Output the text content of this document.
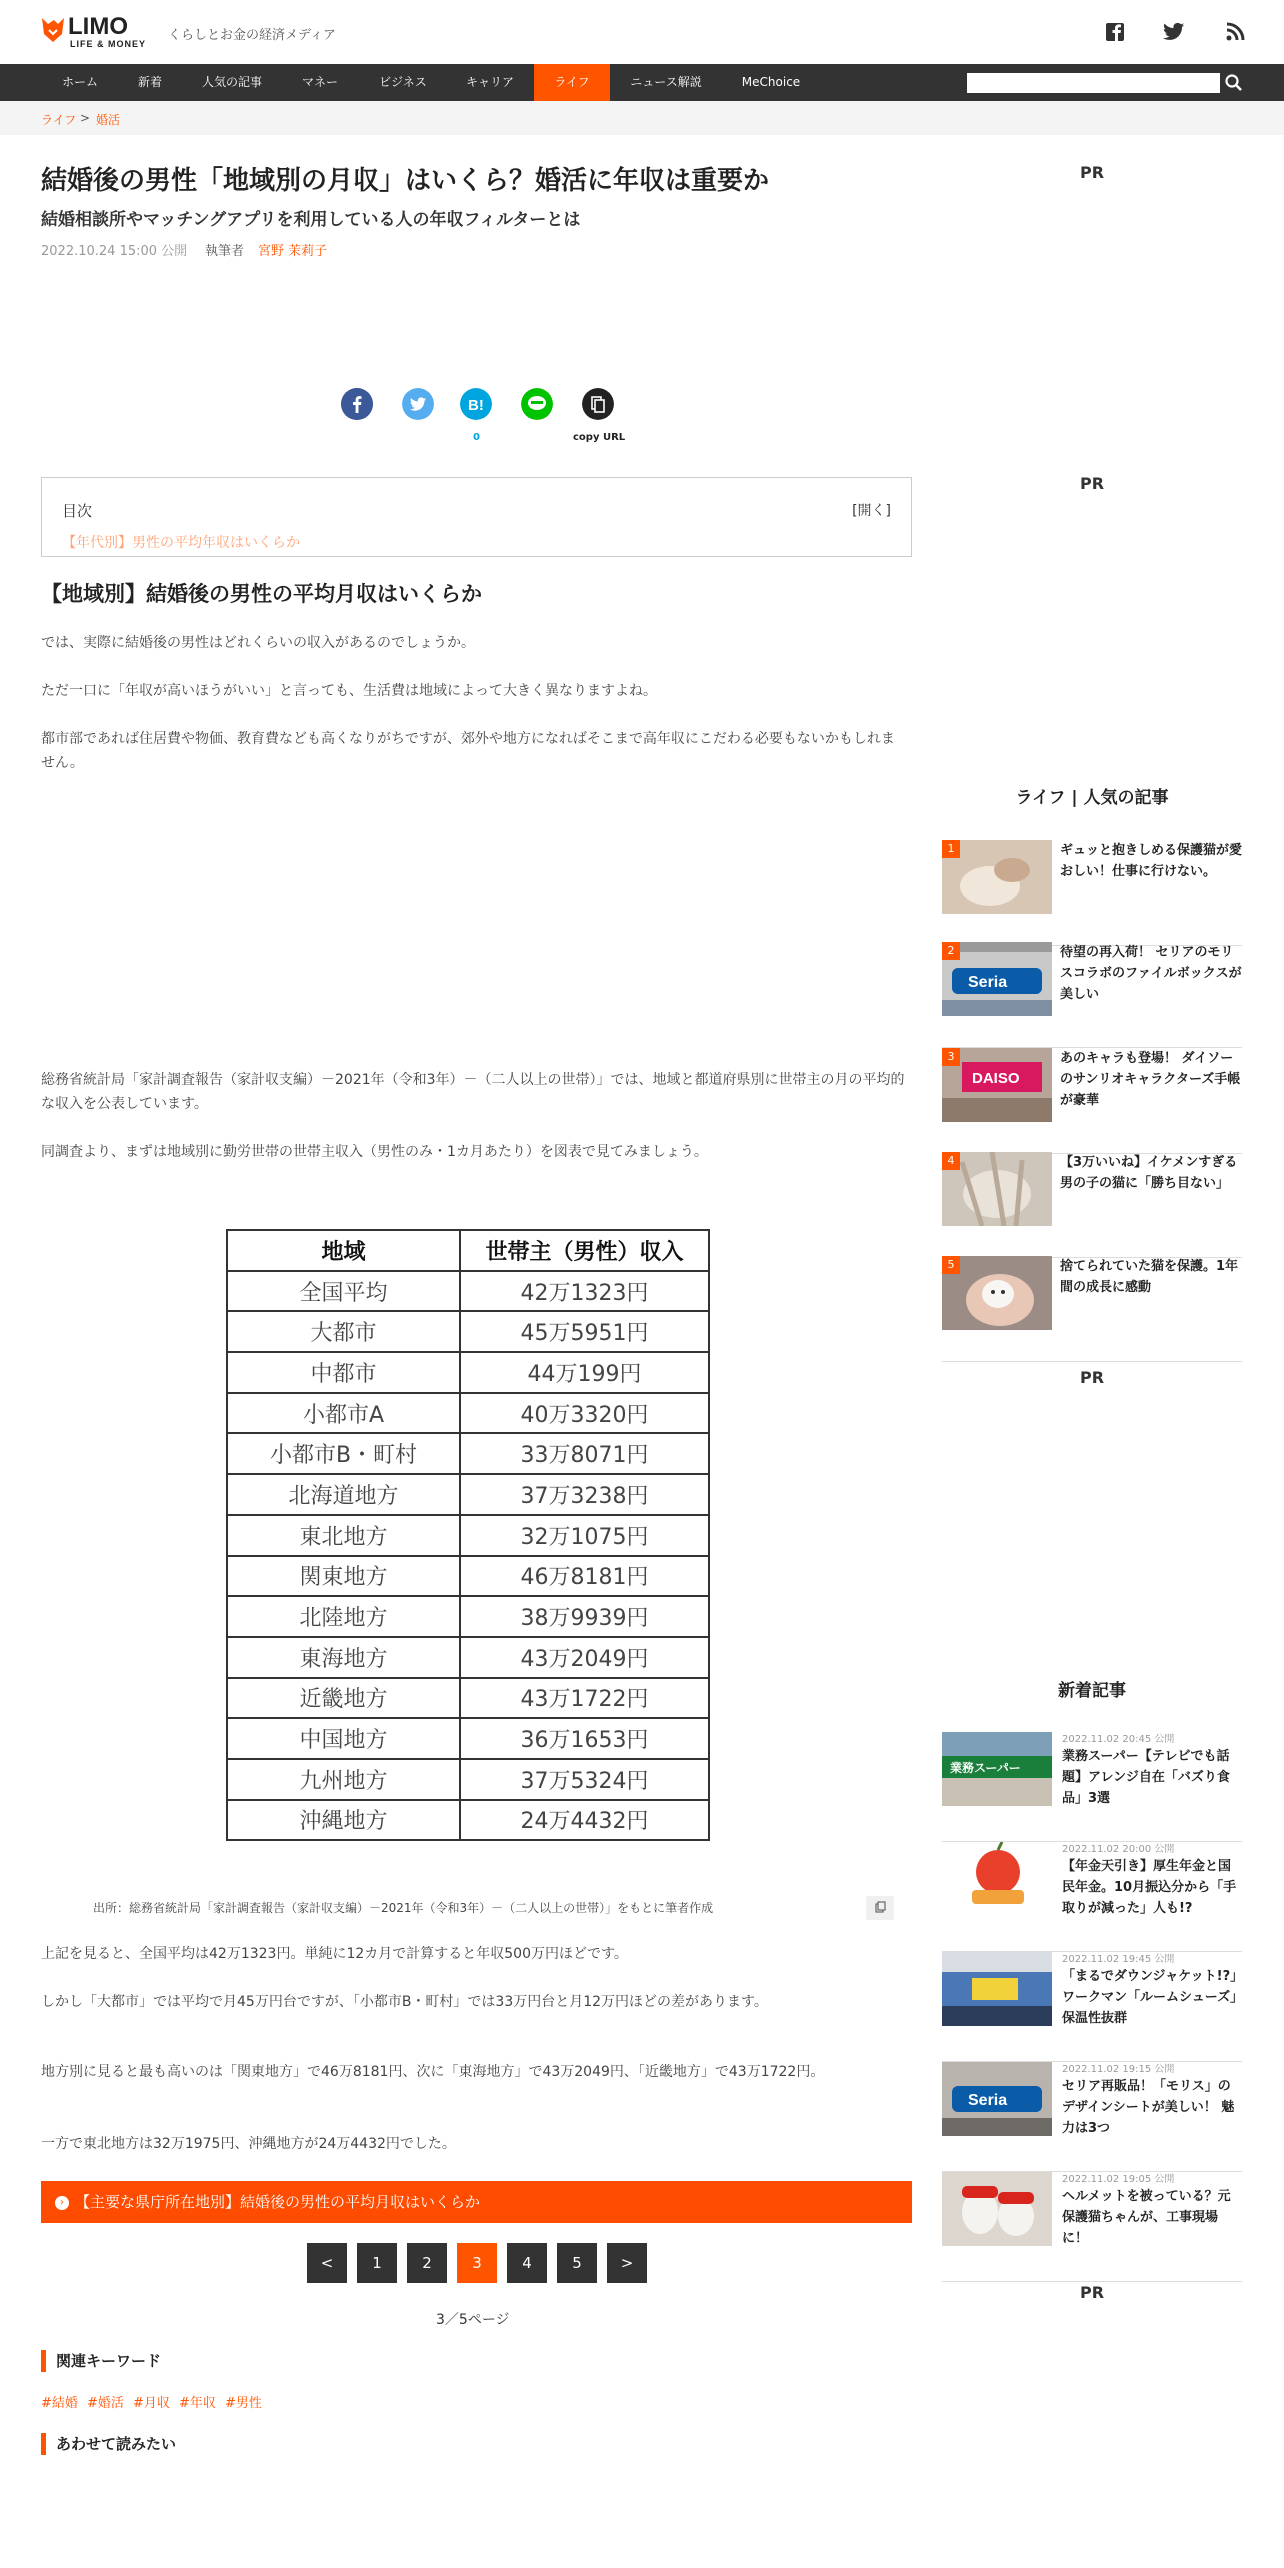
LIMO
LIFE & MONEY
くらしとお金の経済メディア
ホーム	新着	人気の記事	マネー	ビジネス	キャリア	ライフ	ニュース解説	MeChoice
ライフ > 婚活
結婚後の男性「地域別の月収」はいくら？婚活に年収は重要か
結婚相談所やマッチングアプリを利用している人の年収フィルターとは
2022.10.24 15:00 公開 執筆者 宮野 茉莉子
B!
0	copy URL
目次	[開く]
【年代別】男性の平均年収はいくらか
【地域別】結婚後の男性の平均月収はいくらか

では、実際に結婚後の男性はどれくらいの収入があるのでしょうか。

ただ一口に「年収が高いほうがいい」と言っても、生活費は地域によって大きく異なりますよね。

都市部であれば住居費や物価、教育費なども高くなりがちですが、郊外や地方になればそこまで高年収にこだわる必要もないかもしれません。

総務省統計局「家計調査報告（家計収支編）－2021年（令和3年）－（二人以上の世帯）」では、地域と都道府県別に世帯主の月の平均的な収入を公表しています。

同調査より、まずは地域別に勤労世帯の世帯主収入（男性のみ・1カ月あたり）を図表で見てみましょう。

地域	世帯主（男性）収入
全国平均	42万1323円
大都市	45万5951円
中都市	44万199円
小都市A	40万3320円
小都市B・町村	33万8071円
北海道地方	37万3238円
東北地方	32万1075円
関東地方	46万8181円
北陸地方	38万9939円
東海地方	43万2049円
近畿地方	43万1722円
中国地方	36万1653円
九州地方	37万5324円
沖縄地方	24万4432円
出所：総務省統計局「家計調査報告（家計収支編）－2021年（令和3年）－（二人以上の世帯）」をもとに筆者作成

上記を見ると、全国平均は42万1323円。単純に12カ月で計算すると年収500万円ほどです。

しかし「大都市」では平均で月45万円台ですが、「小都市B・町村」では33万円台と月12万円ほどの差があります。

地方別に見ると最も高いのは「関東地方」で46万8181円、次に「東海地方」で43万2049円、「近畿地方」で43万1722円。

一方で東北地方は32万1975円、沖縄地方が24万4432円でした。

› 【主要な県庁所在地別】結婚後の男性の平均月収はいくらか
<	1	2	3	4	5	>
3／5ページ
関連キーワード
#結婚 #婚活 #月収 #年収 #男性
あわせて読みたい
PR
PR
ライフ | 人気の記事
1	ギュッと抱きしめる保護猫が愛おしい！仕事に行けない。
Seria
2	待望の再入荷！ セリアのモリスコラボのファイルボックスが美しい
DAISO
3	あのキャラも登場！ ダイソーのサンリオキャラクターズ手帳が豪華
4	【3万いいね】イケメンすぎる男の子の猫に「勝ち目ない」
5	捨てられていた猫を保護。1年間の成長に感動
PR
新着記事
業務スーパー
2022.11.02 20:45 公開
業務スーパー【テレビでも話題】アレンジ自在「バズり食品」3選
2022.11.02 20:00 公開
【年金天引き】厚生年金と国民年金。10月振込分から「手取りが減った」人も!?
2022.11.02 19:45 公開
「まるでダウンジャケット!?」ワークマン「ルームシューズ」保温性抜群
Seria
2022.11.02 19:15 公開
セリア再販品！「モリス」のデザインシートが美しい！ 魅力は3つ
2022.11.02 19:05 公開
ヘルメットを被っている？元保護猫ちゃんが、工事現場に！
PR
